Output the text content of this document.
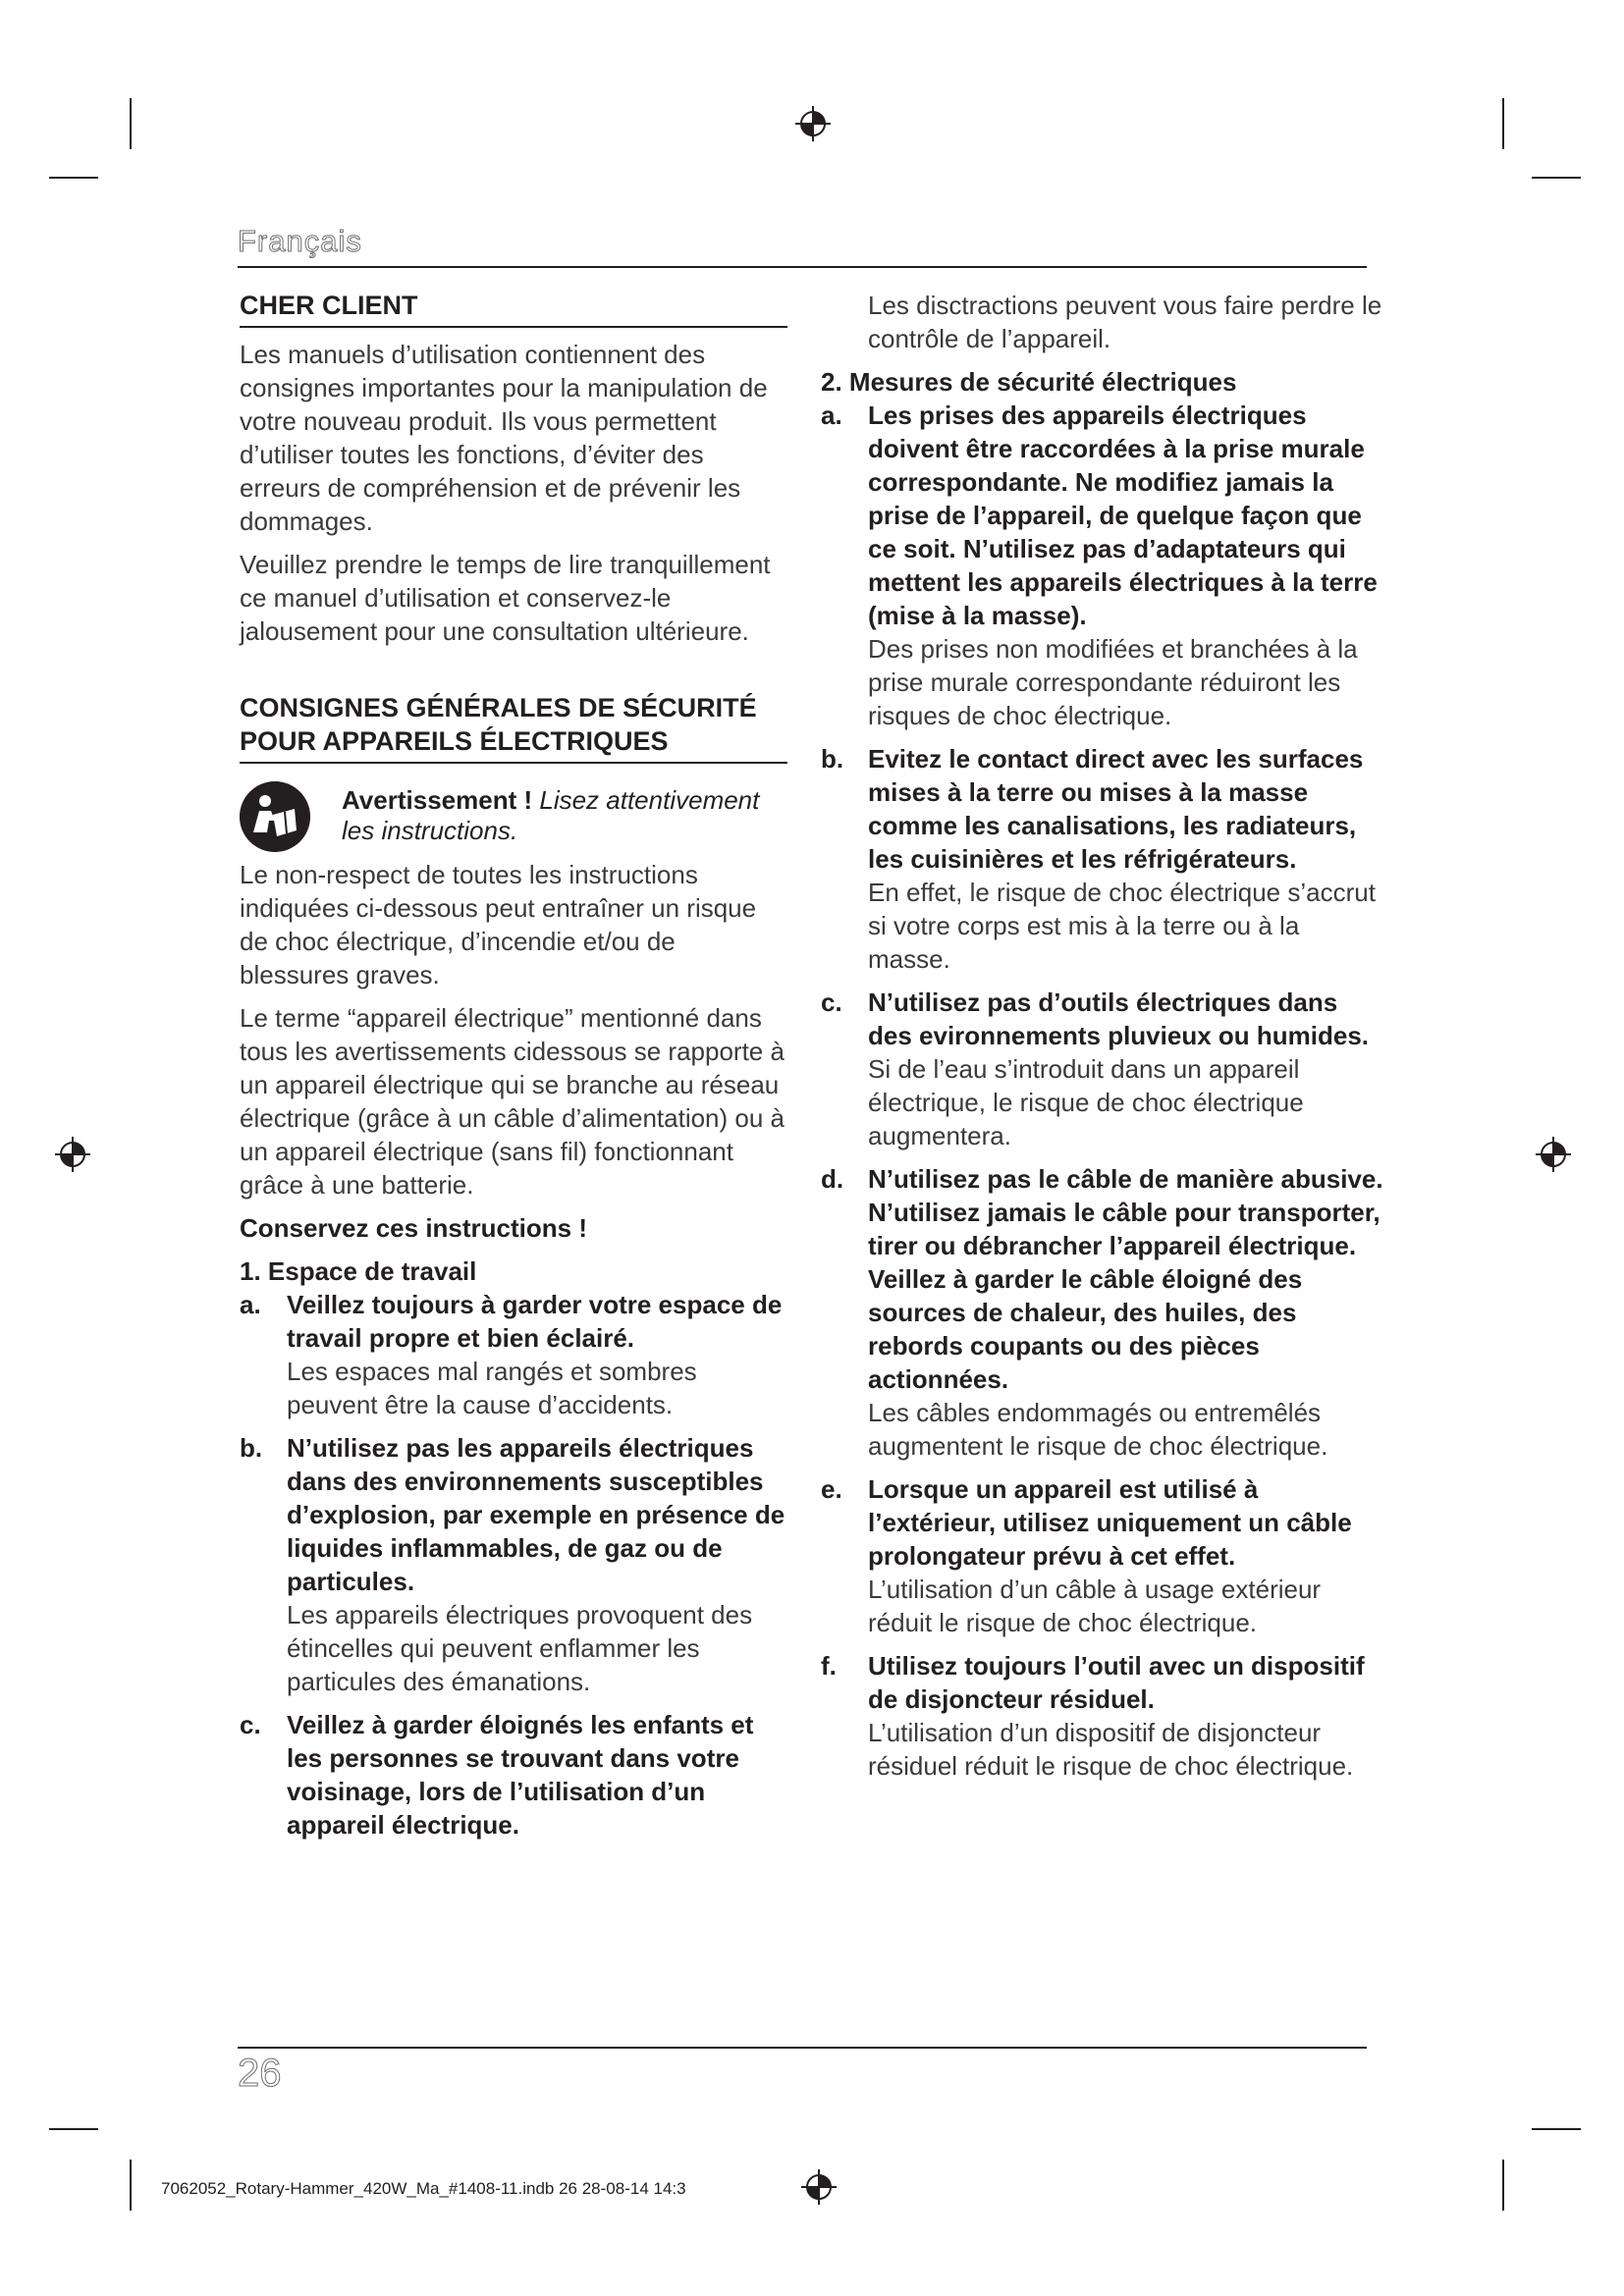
Français
CHER CLIENT

Les manuels d’utilisation contiennent des consignes importantes pour la manipulation de votre nouveau produit. Ils vous permettent d’utiliser toutes les fonctions, d’éviter des erreurs de compréhension et de prévenir les dommages.

Veuillez prendre le temps de lire tranquillement ce manuel d’utilisation et conservez-le jalousement pour une consultation ultérieure.

CONSIGNES GÉNÉRALES DE SÉCURITÉ POUR APPAREILS ÉLECTRIQUES
Avertissement ! Lisez attentivement les instructions.

Le non-respect de toutes les instructions indiquées ci-dessous peut entraîner un risque de choc électrique, d’incendie et/ou de blessures graves.

Le terme “appareil électrique” mentionné dans tous les avertissements cidessous se rapporte à un appareil électrique qui se branche au réseau électrique (grâce à un câble d’alimentation) ou à un appareil électrique (sans fil) fonctionnant grâce à une batterie.

Conservez ces instructions !

1. Espace de travail

a. Veillez toujours à garder votre espace de travail propre et bien éclairé.

Les espaces mal rangés et sombres peuvent être la cause d’accidents.

b. N’utilisez pas les appareils électriques dans des environnements susceptibles d’explosion, par exemple en présence de liquides inflammables, de gaz ou de particules.

Les appareils électriques provoquent des étincelles qui peuvent enflammer les particules des émanations.

c. Veillez à garder éloignés les enfants et les personnes se trouvant dans votre voisinage, lors de l’utilisation d’un appareil électrique.

Les disctractions peuvent vous faire perdre le contrôle de l’appareil.

2. Mesures de sécurité électriques

a. Les prises des appareils électriques doivent être raccordées à la prise murale correspondante. Ne modifiez jamais la prise de l’appareil, de quelque façon que ce soit. N’utilisez pas d’adaptateurs qui mettent les appareils électriques à la terre (mise à la masse).

Des prises non modifiées et branchées à la prise murale correspondante réduiront les risques de choc électrique.

b. Evitez le contact direct avec les surfaces mises à la terre ou mises à la masse comme les canalisations, les radiateurs, les cuisinières et les réfrigérateurs.

En effet, le risque de choc électrique s’accrut si votre corps est mis à la terre ou à la masse.

c. N’utilisez pas d’outils électriques dans des evironnements pluvieux ou humides.

Si de l’eau s’introduit dans un appareil électrique, le risque de choc électrique augmentera.

d. N’utilisez pas le câble de manière abusive. N’utilisez jamais le câble pour transporter, tirer ou débrancher l’appareil électrique. Veillez à garder le câble éloigné des sources de chaleur, des huiles, des rebords coupants ou des pièces actionnées.

Les câbles endommagés ou entremêlés augmentent le risque de choc électrique.

e. Lorsque un appareil est utilisé à l’extérieur, utilisez uniquement un câble prolongateur prévu à cet effet.

L’utilisation d’un câble à usage extérieur réduit le risque de choc électrique.

f. Utilisez toujours l’outil avec un dispositif de disjoncteur résiduel.

L’utilisation d’un dispositif de disjoncteur résiduel réduit le risque de choc électrique.

26
7062052_Rotary-Hammer_420W_Ma_#1408-11.indb 26 28-08-14 14:3
